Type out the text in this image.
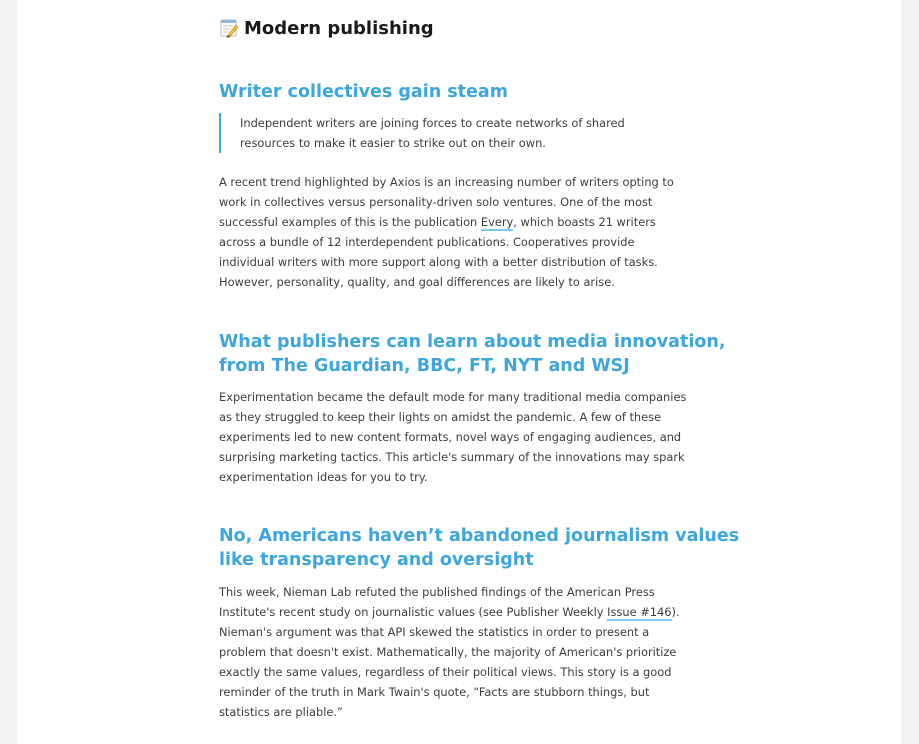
Modern publishing
Writer collectives gain steam
Independent writers are joining forces to create networks of shared
resources to make it easier to strike out on their own.
A recent trend highlighted by Axios is an increasing number of writers opting to
work in collectives versus personality-driven solo ventures. One of the most
successful examples of this is the publication Every, which boasts 21 writers
across a bundle of 12 interdependent publications. Cooperatives provide
individual writers with more support along with a better distribution of tasks.
However, personality, quality, and goal differences are likely to arise.
What publishers can learn about media innovation,
from The Guardian, BBC, FT, NYT and WSJ
Experimentation became the default mode for many traditional media companies
as they struggled to keep their lights on amidst the pandemic. A few of these
experiments led to new content formats, novel ways of engaging audiences, and
surprising marketing tactics. This article's summary of the innovations may spark
experimentation ideas for you to try.
No, Americans haven’t abandoned journalism values
like transparency and oversight
This week, Nieman Lab refuted the published findings of the American Press
Institute's recent study on journalistic values (see Publisher Weekly Issue #146).
Nieman's argument was that API skewed the statistics in order to present a
problem that doesn't exist. Mathematically, the majority of American's prioritize
exactly the same values, regardless of their political views. This story is a good
reminder of the truth in Mark Twain's quote, “Facts are stubborn things, but
statistics are pliable.”
